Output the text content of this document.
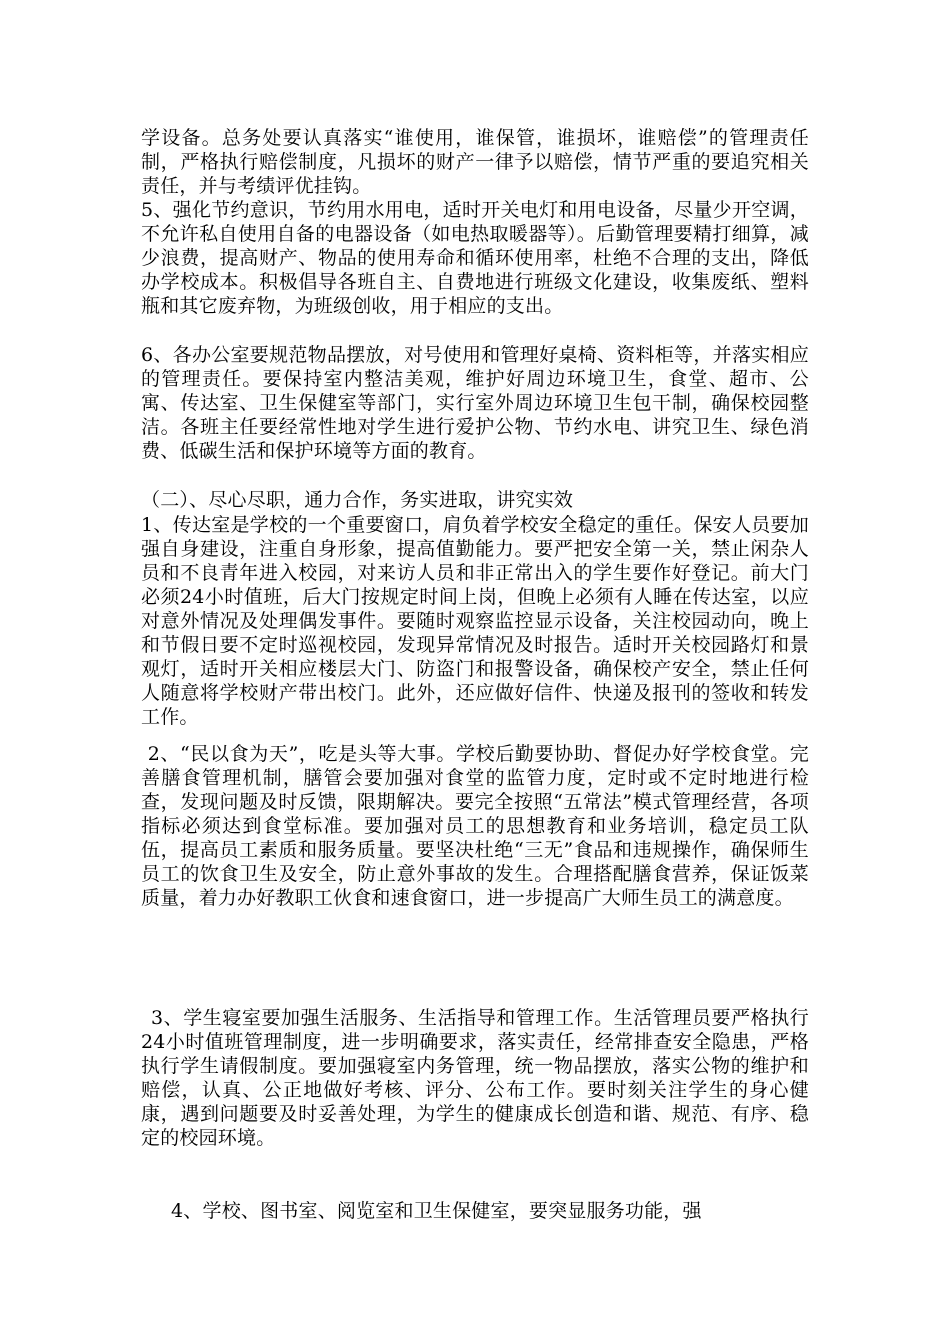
学设备。总务处要认真落实“谁使用，谁保管，谁损坏，谁赔偿”的管理责任制，严格执行赔偿制度，凡损坏的财产一律予以赔偿，情节严重的要追究相关责任，并与考绩评优挂钩。

5、强化节约意识，节约用水用电，适时开关电灯和用电设备，尽量少开空调，不允许私自使用自备的电器设备（如电热取暖器等）。后勤管理要精打细算，减少浪费，提高财产、物品的使用寿命和循环使用率，杜绝不合理的支出，降低办学校成本。积极倡导各班自主、自费地进行班级文化建设，收集废纸、塑料瓶和其它废弃物，为班级创收，用于相应的支出。

6、各办公室要规范物品摆放，对号使用和管理好桌椅、资料柜等，并落实相应的管理责任。要保持室内整洁美观，维护好周边环境卫生，食堂、超市、公寓、传达室、卫生保健室等部门，实行室外周边环境卫生包干制，确保校园整洁。各班主任要经常性地对学生进行爱护公物、节约水电、讲究卫生、绿色消费、低碳生活和保护环境等方面的教育。

（二）、尽心尽职，通力合作，务实进取，讲究实效

1、传达室是学校的一个重要窗口，肩负着学校安全稳定的重任。保安人员要加强自身建设，注重自身形象，提高值勤能力。要严把安全第一关，禁止闲杂人员和不良青年进入校园，对来访人员和非正常出入的学生要作好登记。前大门必须24小时值班，后大门按规定时间上岗，但晚上必须有人睡在传达室，以应对意外情况及处理偶发事件。要随时观察监控显示设备，关注校园动向，晚上和节假日要不定时巡视校园，发现异常情况及时报告。适时开关校园路灯和景观灯，适时开关相应楼层大门、防盗门和报警设备，确保校产安全，禁止任何人随意将学校财产带出校门。此外，还应做好信件、快递及报刊的签收和转发工作。

2、“民以食为天”，吃是头等大事。学校后勤要协助、督促办好学校食堂。完善膳食管理机制，膳管会要加强对食堂的监管力度，定时或不定时地进行检查，发现问题及时反馈，限期解决。要完全按照“五常法”模式管理经营，各项指标必须达到食堂标准。要加强对员工的思想教育和业务培训，稳定员工队伍，提高员工素质和服务质量。要坚决杜绝“三无”食品和违规操作，确保师生员工的饮食卫生及安全，防止意外事故的发生。合理搭配膳食营养，保证饭菜质量，着力办好教职工伙食和速食窗口，进一步提高广大师生员工的满意度。

3、学生寝室要加强生活服务、生活指导和管理工作。生活管理员要严格执行24小时值班管理制度，进一步明确要求，落实责任，经常排查安全隐患，严格执行学生请假制度。要加强寝室内务管理，统一物品摆放，落实公物的维护和赔偿，认真、公正地做好考核、评分、公布工作。要时刻关注学生的身心健康，遇到问题要及时妥善处理，为学生的健康成长创造和谐、规范、有序、稳定的校园环境。

4、学校、图书室、阅览室和卫生保健室，要突显服务功能，强
